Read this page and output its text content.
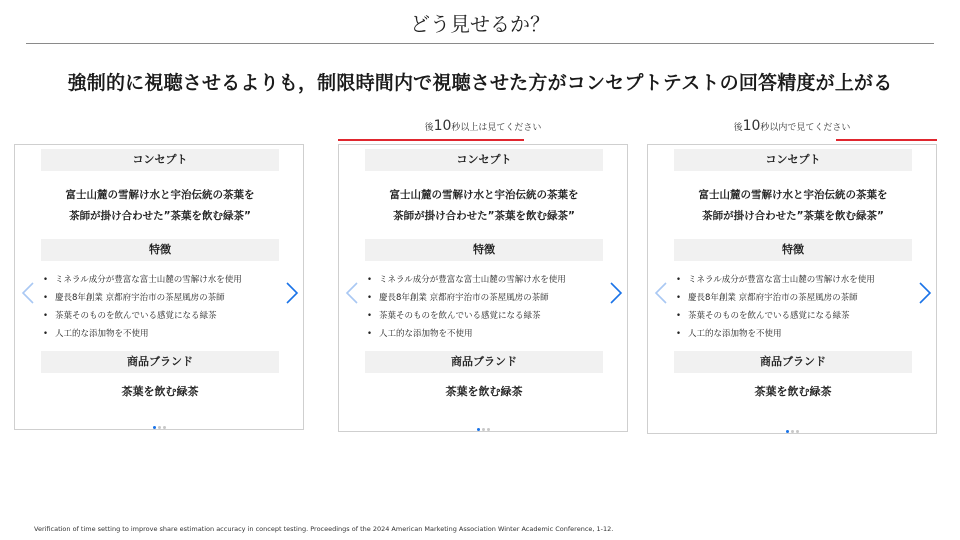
どう見せるか？
強制的に視聴させるよりも，制限時間内で視聴させた方がコンセプトテストの回答精度が上がる
後10秒以上は見てください	後10秒以内で見てください
コンセプト
富士山麓の雪解け水と宇治伝統の茶葉を
茶師が掛け合わせた”茶葉を飲む緑茶”
特徴
• ミネラル成分が豊富な富士山麓の雪解け水を使用
• 慶長8年創業 京都府宇治市の茶屋風房の茶師
• 茶葉そのものを飲んでいる感覚になる緑茶
• 人工的な添加物を不使用
商品ブランド
茶葉を飲む緑茶
コンセプト
富士山麓の雪解け水と宇治伝統の茶葉を
茶師が掛け合わせた”茶葉を飲む緑茶”
特徴
• ミネラル成分が豊富な富士山麓の雪解け水を使用
• 慶長8年創業 京都府宇治市の茶屋風房の茶師
• 茶葉そのものを飲んでいる感覚になる緑茶
• 人工的な添加物を不使用
商品ブランド
茶葉を飲む緑茶
コンセプト
富士山麓の雪解け水と宇治伝統の茶葉を
茶師が掛け合わせた”茶葉を飲む緑茶”
特徴
• ミネラル成分が豊富な富士山麓の雪解け水を使用
• 慶長8年創業 京都府宇治市の茶屋風房の茶師
• 茶葉そのものを飲んでいる感覚になる緑茶
• 人工的な添加物を不使用
商品ブランド
茶葉を飲む緑茶
Verification of time setting to improve share estimation accuracy in concept testing. Proceedings of the 2024 American Marketing Association Winter Academic Conference, 1-12.
